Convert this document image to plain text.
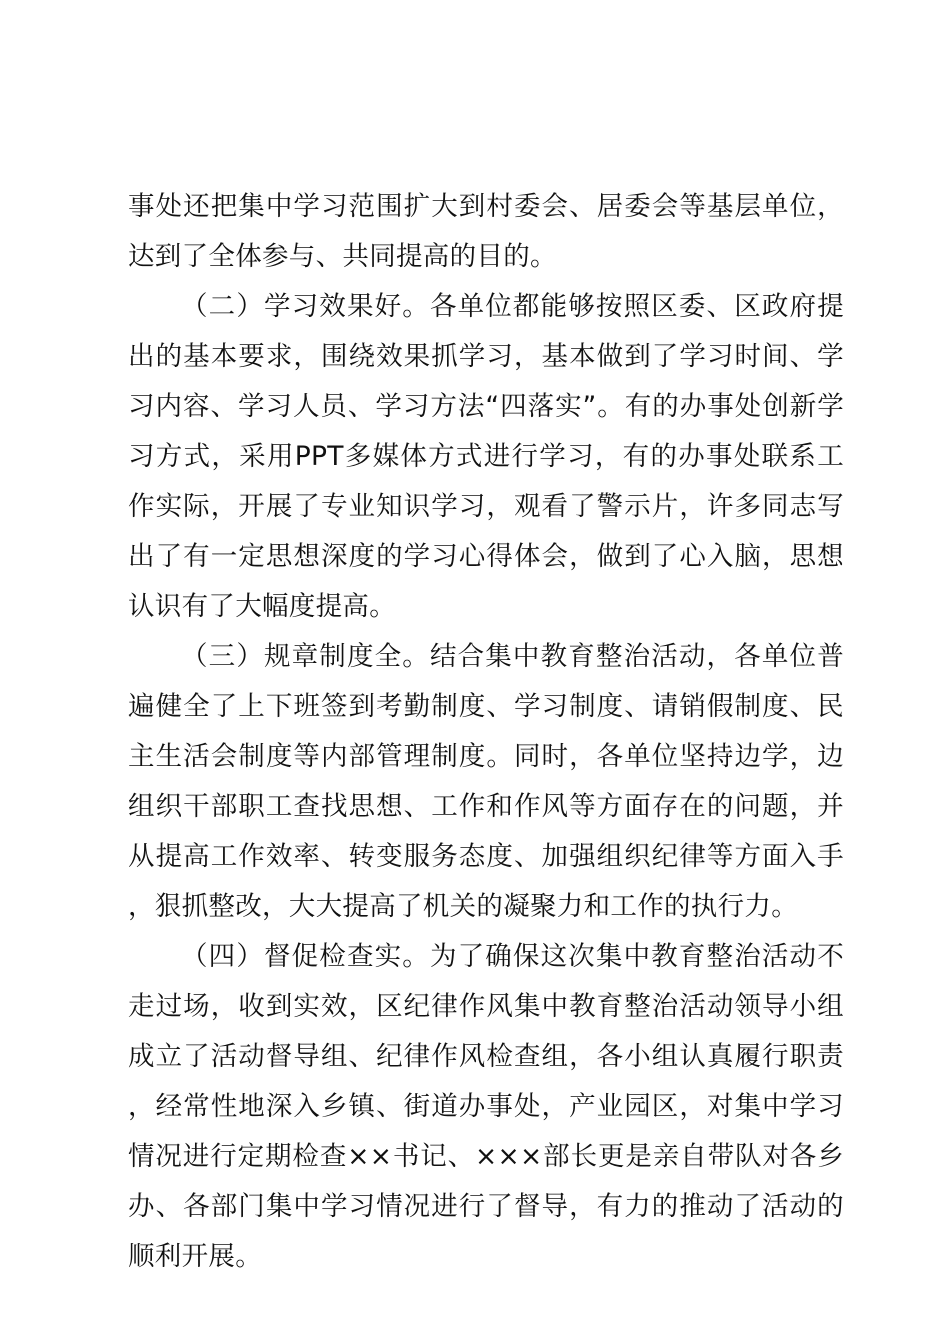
事处还把集中学习范围扩大到村委会、居委会等基层单位，达到了全体参与、共同提高的目的。

（二）学习效果好。各单位都能够按照区委、区政府提出的基本要求，围绕效果抓学习，基本做到了学习时间、学习内容、学习人员、学习方法“四落实”。有的办事处创新学习方式，采用PPT多媒体方式进行学习，有的办事处联系工作实际，开展了专业知识学习，观看了警示片，许多同志写出了有一定思想深度的学习心得体会，做到了心入脑，思想认识有了大幅度提高。

（三）规章制度全。结合集中教育整治活动，各单位普遍健全了上下班签到考勤制度、学习制度、请销假制度、民主生活会制度等内部管理制度。同时，各单位坚持边学，边组织干部职工查找思想、工作和作风等方面存在的问题，并从提高工作效率、转变服务态度、加强组织纪律等方面入手，狠抓整改，大大提高了机关的凝聚力和工作的执行力。

（四）督促检查实。为了确保这次集中教育整治活动不走过场，收到实效，区纪律作风集中教育整治活动领导小组成立了活动督导组、纪律作风检查组，各小组认真履行职责，经常性地深入乡镇、街道办事处，产业园区，对集中学习情况进行定期检查××书记、×××部长更是亲自带队对各乡办、各部门集中学习情况进行了督导，有力的推动了活动的顺利开展。
